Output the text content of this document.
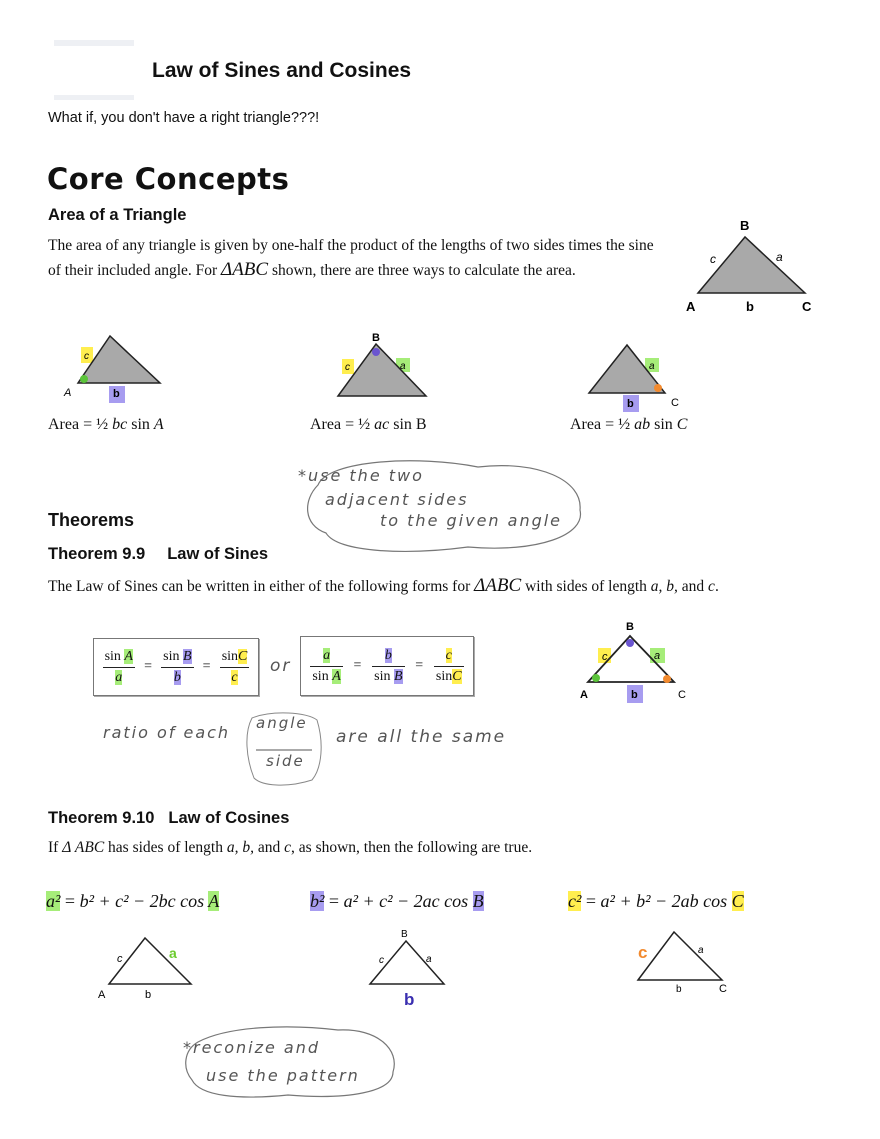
Law of Sines and Cosines
What if, you don't have a right triangle???!
Core Concepts
Area of a Triangle
The area of any triangle is given by one-half the product of the lengths of two sides times the sine
of their included angle. For ΔABC shown, there are three ways to calculate the area.
B
c	a
A	b	C
c
A	b
B
c	a	a
b	C
Area = ½ bc sin A	Area = ½ ac sin B	Area = ½ ab sin C
*use the two
adjacent sides
to the given angle
Theorems
Theorem 9.9 Law of Sines
The Law of Sines can be written in either of the following forms for ΔABC with sides of length a, b, and c.
$\frac{\text{sin A}}{a} = \frac{\text{sin B}}{b} = \frac{\sin C}{c}$ or $\frac{a}{\text{sin A}} = \frac{b}{\text{sin B}} = \frac{c}{\sin C}$
B
c	a
A	b	C
ratio of each angle
side
are all the same
Theorem 9.10 Law of Cosines
If Δ ABC has sides of length a, b, and c, as shown, then the following are true.
a² = b² + c² − 2bc cos A	b² = a² + c² − 2ac cos B	c² = a² + b² − 2ab cos C
c	a
A	b
B
c	a
b
c	a
b	C
*reconize and
use the pattern
